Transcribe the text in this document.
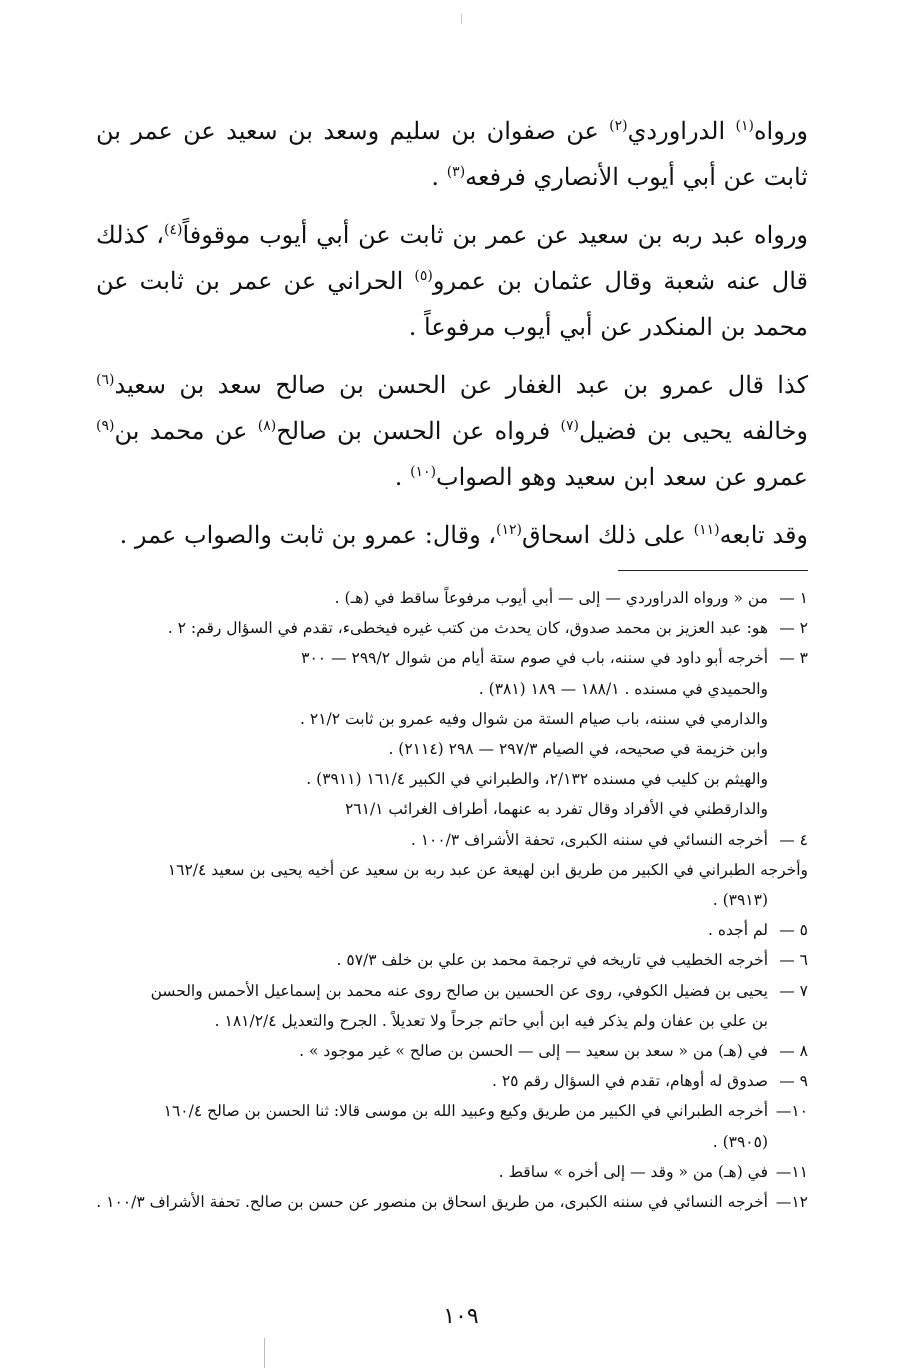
ورواه$^{(١)}$ الدراوردي$^{(٢)}$ عن صفوان بن سليم وسعد بن سعيد عن عمر بن ثابت عن أبي أيوب الأنصاري فرفعه$^{(٣)}$ .

ورواه عبد ربه بن سعيد عن عمر بن ثابت عن أبي أيوب موقوفاً$^{(٤)}$، كذلك قال عنه شعبة وقال عثمان بن عمرو$^{(٥)}$ الحراني عن عمر بن ثابت عن محمد بن المنكدر عن أبي أيوب مرفوعاً .

كذا قال عمرو بن عبد الغفار عن الحسن بن صالح سعد بن سعيد$^{(٦)}$ وخالفه يحيى بن فضيل$^{(٧)}$ فرواه عن الحسن بن صالح$^{(٨)}$ عن محمد بن$^{(٩)}$ عمرو عن سعد ابن سعيد وهو الصواب$^{(١٠)}$ .

وقد تابعه$^{(١١)}$ على ذلك اسحاق$^{(١٢)}$، وقال: عمرو بن ثابت والصواب عمر .

١ —
من « ورواه الدراوردي — إلى — أبي أيوب مرفوعاً ساقط في (هـ) .
٢ —
هو: عبد العزيز بن محمد صدوق، كان يحدث من كتب غيره فيخطىء، تقدم في السؤال رقم: ٢ .
٣ —
أخرجه أبو داود في سننه، باب في صوم ستة أيام من شوال ٢٩٩/٢ — ٣٠٠
والحميدي في مسنده . ١٨٨/١ — ١٨٩ (٣٨١) .
والدارمي في سننه، باب صيام الستة من شوال وفيه عمرو بن ثابت ٢١/٢ .
وابن خزيمة في صحيحه، في الصيام ٢٩٧/٣ — ٢٩٨ (٢١١٤) .
والهيثم بن كليب في مسنده ٢/١٣٢، والطبراني في الكبير ١٦١/٤ (٣٩١١) .
والدارقطني في الأفراد وقال تفرد به عنهما، أطراف الغرائب ٢٦١/١
٤ —
أخرجه النسائي في سننه الكبرى، تحفة الأشراف ١٠٠/٣ .
وأخرجه الطبراني في الكبير من طريق ابن لهيعة عن عبد ربه بن سعيد عن أخيه يحيى بن سعيد ١٦٢/٤
(٣٩١٣) .
٥ —
لم أجده .
٦ —
أخرجه الخطيب في تاريخه في ترجمة محمد بن علي بن خلف ٥٧/٣ .
٧ —
يحيى بن فضيل الكوفي، روى عن الحسين بن صالح روى عنه محمد بن إسماعيل الأحمس والحسن
بن علي بن عفان ولم يذكر فيه ابن أبي حاتم جرحاً ولا تعديلاً . الجرح والتعديل ١٨١/٢/٤ .
٨ —
في (هـ) من « سعد بن سعيد — إلى — الحسن بن صالح » غير موجود » .
٩ —
صدوق له أوهام، تقدم في السؤال رقم ٢٥ .
١٠—
أخرجه الطبراني في الكبير من طريق وكيع وعبيد الله بن موسى قالا: ثنا الحسن بن صالح ١٦٠/٤
(٣٩٠٥) .
١١—
في (هـ) من « وقد — إلى أخره » ساقط .
١٢—
أخرجه النسائي في سننه الكبرى، من طريق اسحاق بن منصور عن حسن بن صالح. تحفة الأشراف ١٠٠/٣ .
١٠٩
